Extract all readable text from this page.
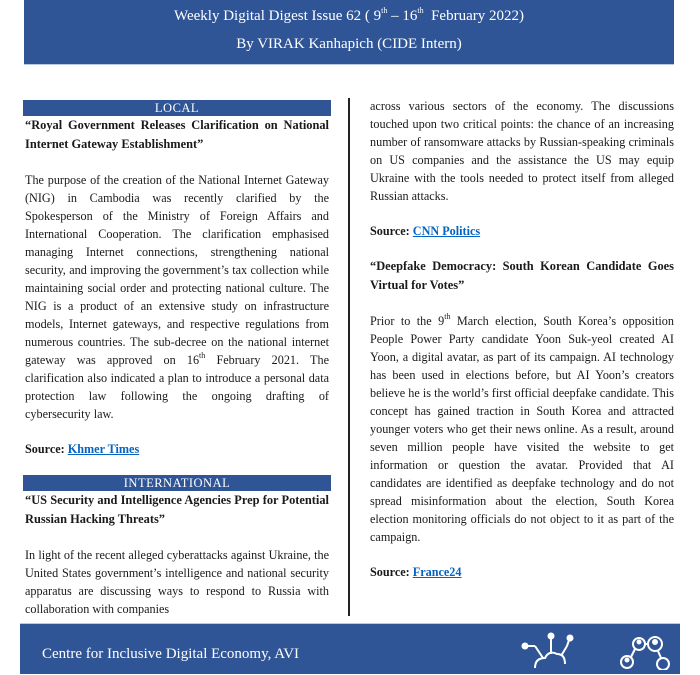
Weekly Digital Digest Issue 62 ( 9th – 16th  February 2022)
By VIRAK Kanhapich (CIDE Intern)
LOCAL

“Royal Government Releases Clarification on National Internet Gateway Establishment”

The purpose of the creation of the National Internet Gateway (NIG) in Cambodia was recently clarified by the Spokesperson of the Ministry of Foreign Affairs and International Cooperation. The clarification emphasised managing Internet connections, strengthening national security, and improving the government’s tax collection while maintaining social order and protecting national culture. The NIG is a product of an extensive study on infrastructure models, Internet gateways, and respective regulations from numerous countries. The sub-decree on the national internet gateway was approved on 16th February 2021. The clarification also indicated a plan to introduce a personal data protection law following the ongoing drafting of cybersecurity law.

Source: Khmer Times
INTERNATIONAL

“US Security and Intelligence Agencies Prep for Potential Russian Hacking Threats”

In light of the recent alleged cyberattacks against Ukraine, the United States government’s intelligence and national security apparatus are discussing ways to respond to Russia with collaboration with companies

across various sectors of the economy. The discussions touched upon two critical points: the chance of an increasing number of ransomware attacks by Russian-speaking criminals on US companies and the assistance the US may equip Ukraine with the tools needed to protect itself from alleged Russian attacks.

Source: CNN Politics

“Deepfake Democracy: South Korean Candidate Goes Virtual for Votes”

Prior to the 9th March election, South Korea’s opposition People Power Party candidate Yoon Suk-yeol created AI Yoon, a digital avatar, as part of its campaign. AI technology has been used in elections before, but AI Yoon’s creators believe he is the world’s first official deepfake candidate. This concept has gained traction in South Korea and attracted younger voters who get their news online. As a result, around seven million people have visited the website to get information or question the avatar. Provided that AI candidates are identified as deepfake technology and do not spread misinformation about the election, South Korea election monitoring officials do not object to it as part of the campaign.

Source: France24
Centre for Inclusive Digital Economy, AVI
